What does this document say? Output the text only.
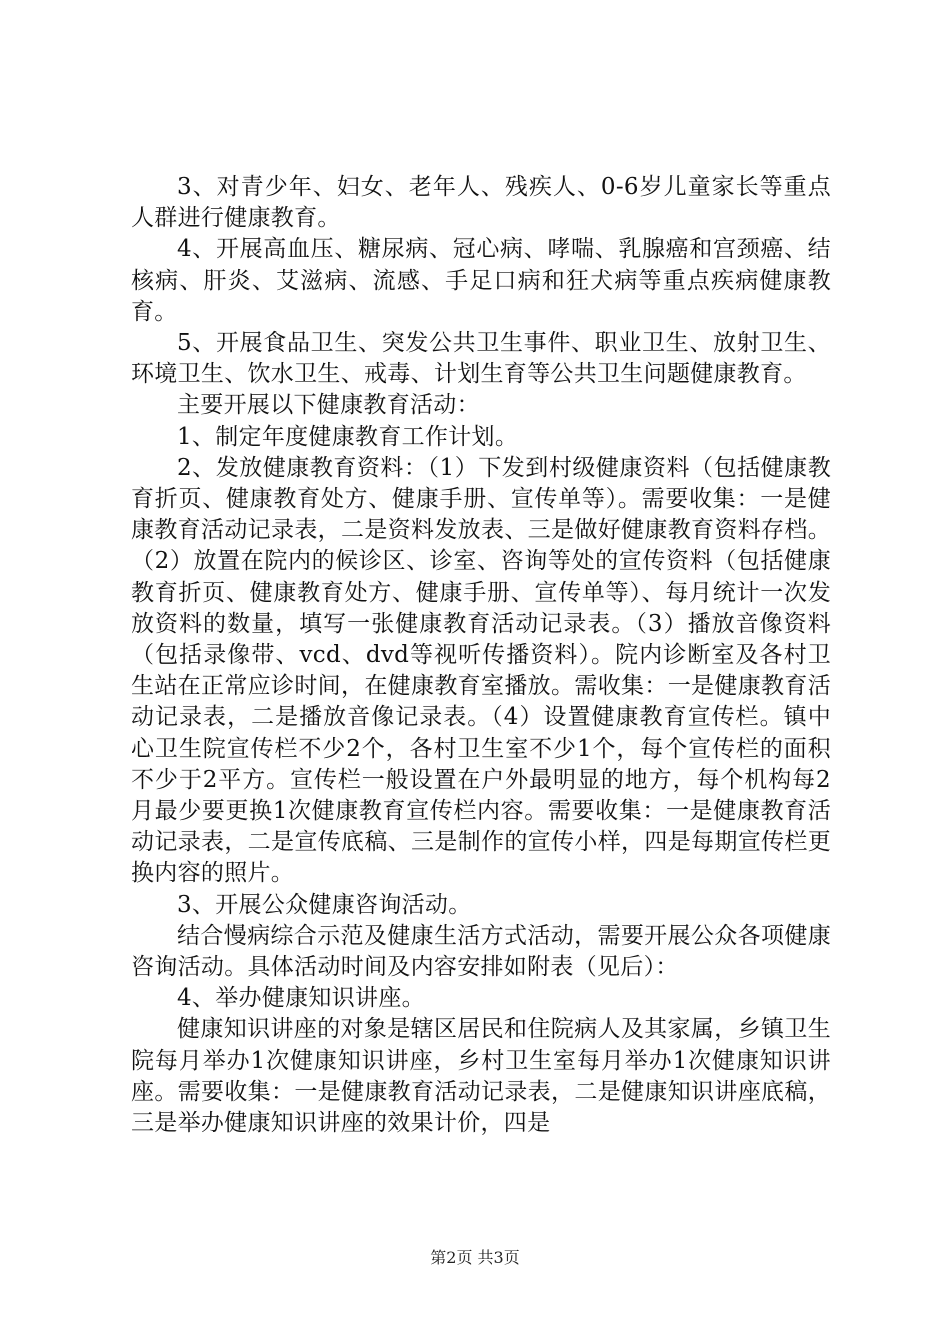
3、对青少年、妇女、老年人、残疾人、0-6岁儿童家长等重点人群进行健康教育。

4、开展高血压、糖尿病、冠心病、哮喘、乳腺癌和宫颈癌、结核病、肝炎、艾滋病、流感、手足口病和狂犬病等重点疾病健康教育。

5、开展食品卫生、突发公共卫生事件、职业卫生、放射卫生、环境卫生、饮水卫生、戒毒、计划生育等公共卫生问题健康教育。

主要开展以下健康教育活动：

1、制定年度健康教育工作计划。

2、发放健康教育资料：（1）下发到村级健康资料（包括健康教育折页、健康教育处方、健康手册、宣传单等）。需要收集：一是健康教育活动记录表，二是资料发放表、三是做好健康教育资料存档。（2）放置在院内的候诊区、诊室、咨询等处的宣传资料（包括健康教育折页、健康教育处方、健康手册、宣传单等）、每月统计一次发放资料的数量，填写一张健康教育活动记录表。（3）播放音像资料（包括录像带、vcd、dvd等视听传播资料）。院内诊断室及各村卫生站在正常应诊时间，在健康教育室播放。需收集：一是健康教育活动记录表，二是播放音像记录表。（4）设置健康教育宣传栏。镇中心卫生院宣传栏不少2个，各村卫生室不少1个，每个宣传栏的面积不少于2平方。宣传栏一般设置在户外最明显的地方，每个机构每2月最少要更换1次健康教育宣传栏内容。需要收集：一是健康教育活动记录表，二是宣传底稿、三是制作的宣传小样，四是每期宣传栏更换内容的照片。

3、开展公众健康咨询活动。

结合慢病综合示范及健康生活方式活动，需要开展公众各项健康咨询活动。具体活动时间及内容安排如附表（见后）：

4、举办健康知识讲座。

健康知识讲座的对象是辖区居民和住院病人及其家属，乡镇卫生院每月举办1次健康知识讲座，乡村卫生室每月举办1次健康知识讲座。需要收集：一是健康教育活动记录表，二是健康知识讲座底稿，三是举办健康知识讲座的效果计价，四是

第2页 共3页
